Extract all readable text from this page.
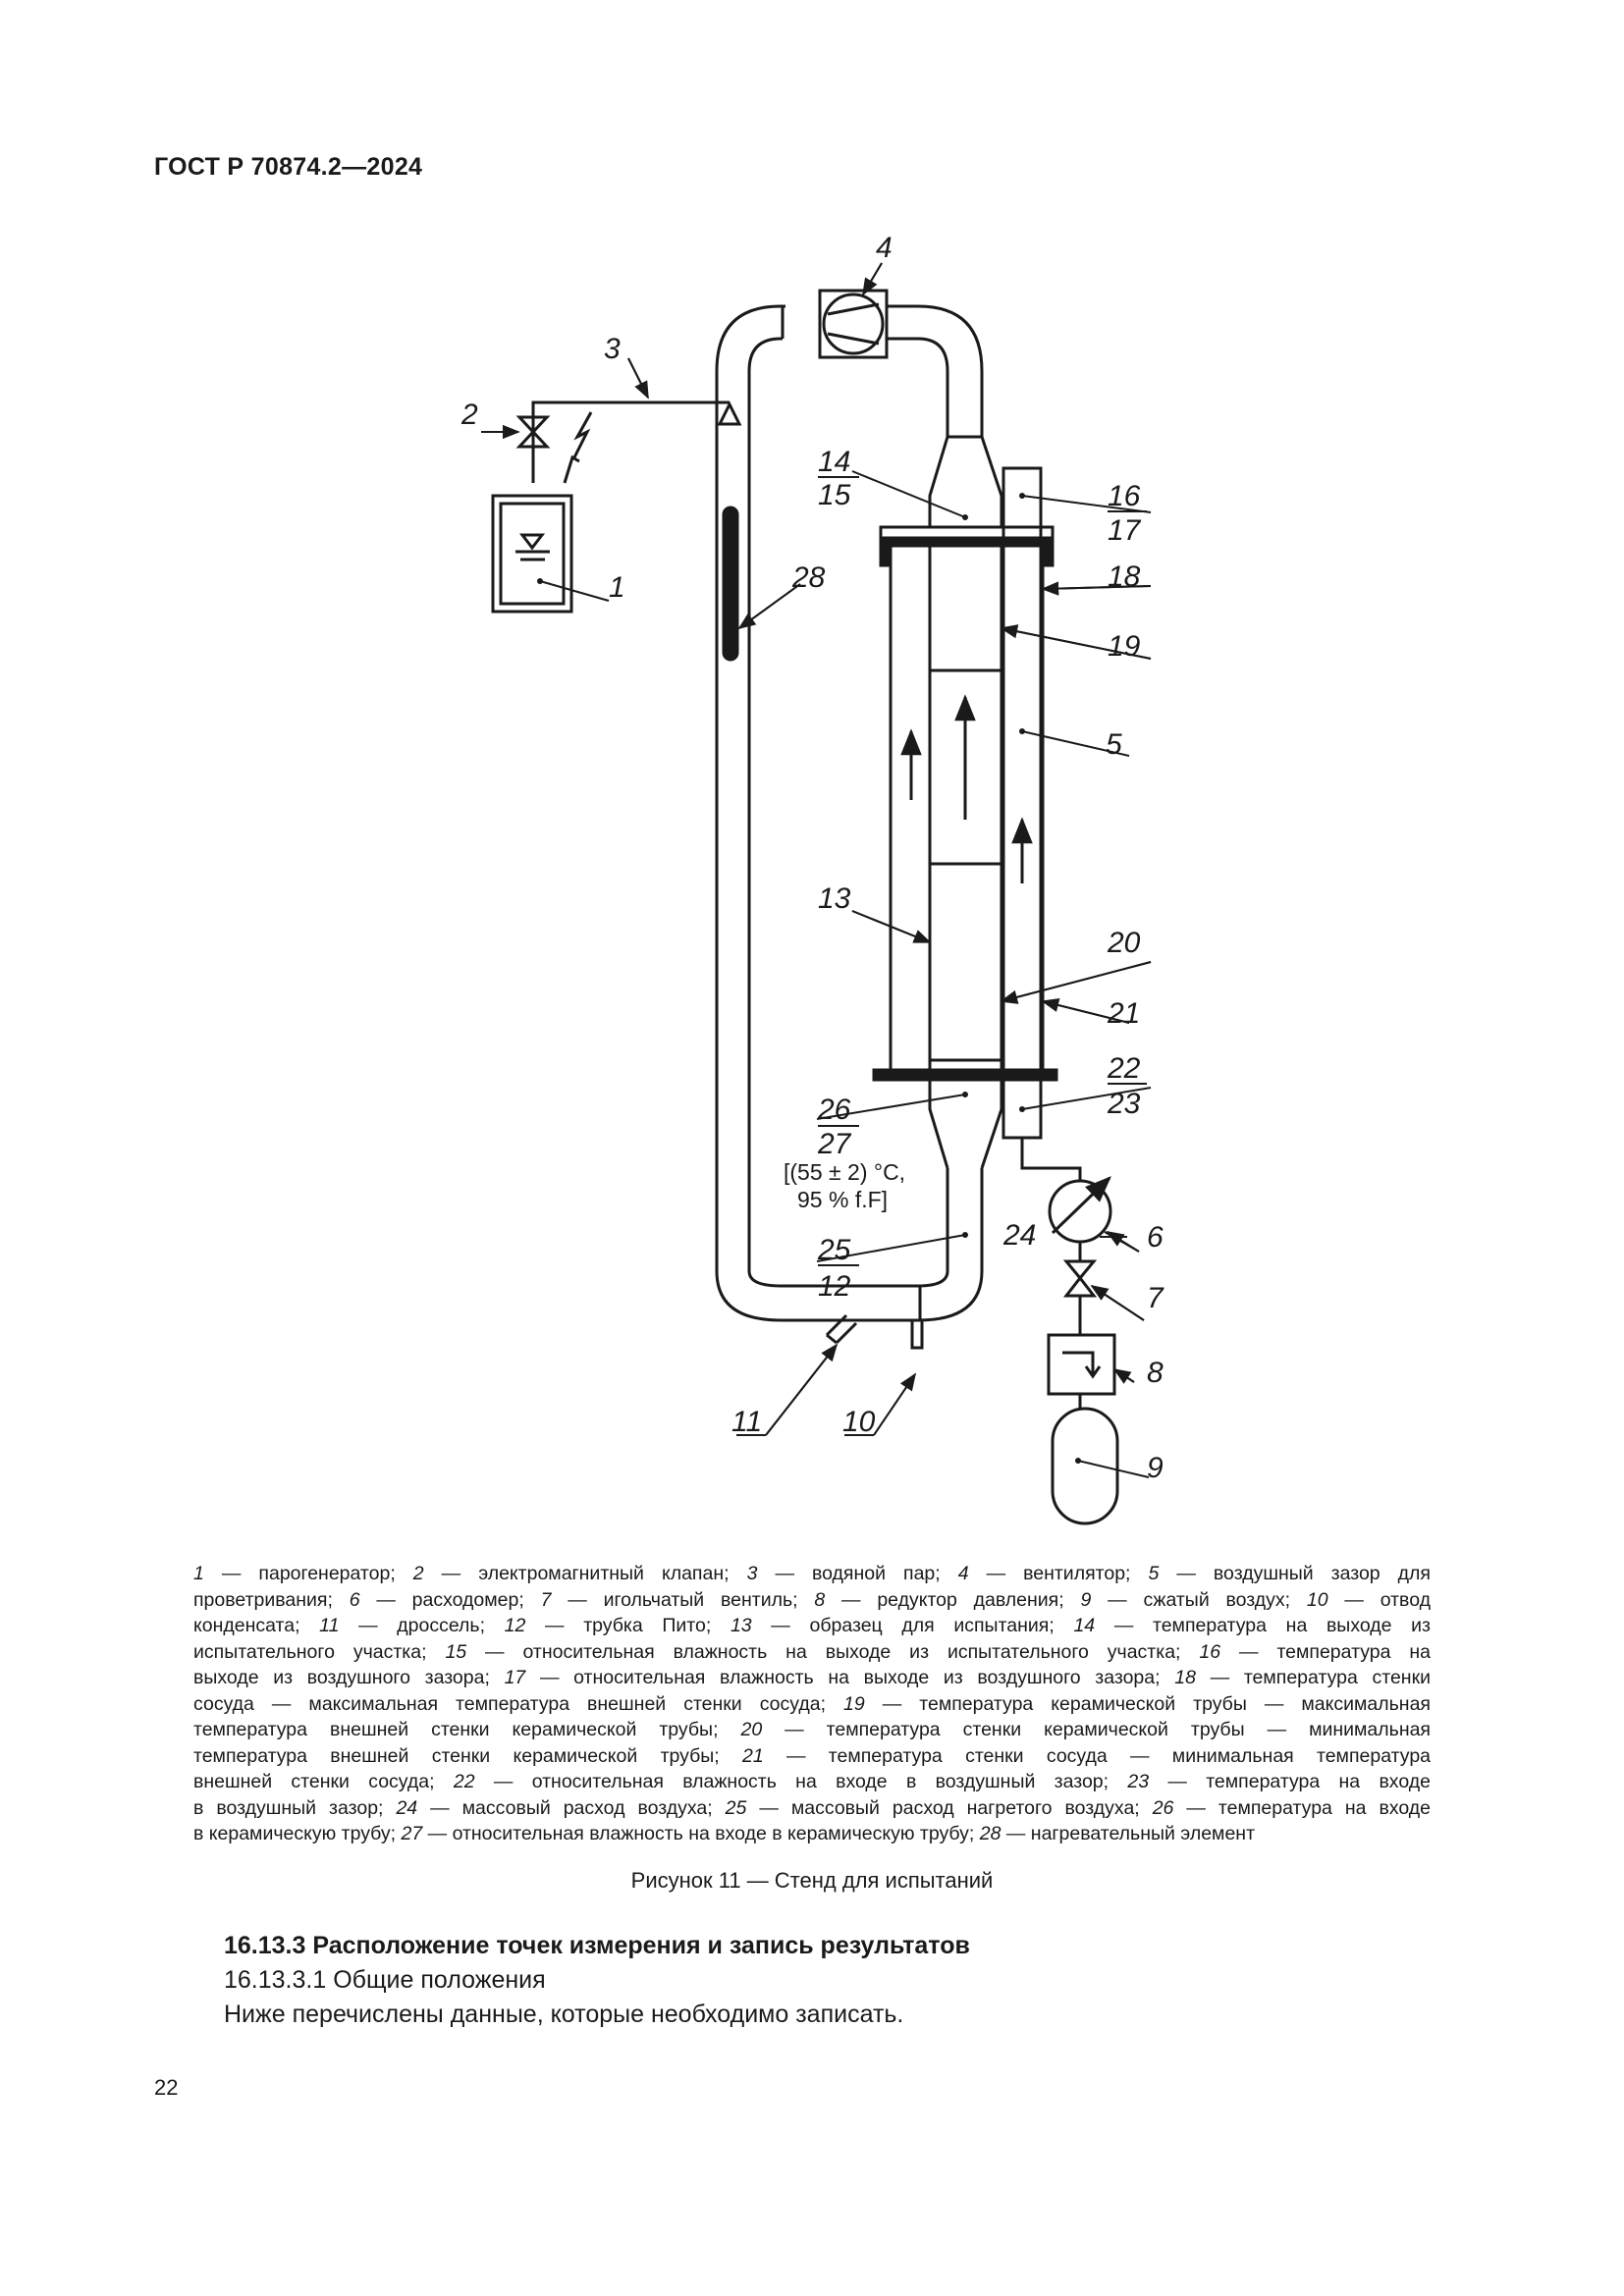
ГОСТ Р 70874.2—2024
4
3
2
1
14
15	16
17
18
19
28
5
13
20
21
22
23
26
27
25
12
24	6
7
8
9
11	10
[(55 ± 2) °C,
95 % f.F]

1 — парогенератор; 2 — электромагнитный клапан; 3 — водяной пар; 4 — вентилятор; 5 — воздушный зазор для

проветривания; 6 — расходомер; 7 — игольчатый вентиль; 8 — редуктор давления; 9 — сжатый воздух; 10 — отвод

конденсата; 11 — дроссель; 12 — трубка Пито; 13 — образец для испытания; 14 — температура на выходе из

испытательного участка; 15 — относительная влажность на выходе из испытательного участка; 16 — температура на

выходе из воздушного зазора; 17 — относительная влажность на выходе из воздушного зазора; 18 — температура стенки

сосуда — максимальная температура внешней стенки сосуда; 19 — температура керамической трубы — максимальная

температура внешней стенки керамической трубы; 20 — температура стенки керамической трубы — минимальная

температура внешней стенки керамической трубы; 21 — температура стенки сосуда — минимальная температура

внешней стенки сосуда; 22 — относительная влажность на входе в воздушный зазор; 23 — температура на входе

в воздушный зазор; 24 — массовый расход воздуха; 25 — массовый расход нагретого воздуха; 26 — температура на входе

в керамическую трубу; 27 — относительная влажность на входе в керамическую трубу; 28 — нагревательный элемент

Рисунок 11 — Стенд для испытаний
16.13.3 Расположение точек измерения и запись результатов
16.13.3.1 Общие положения
Ниже перечислены данные, которые необходимо записать.
22
